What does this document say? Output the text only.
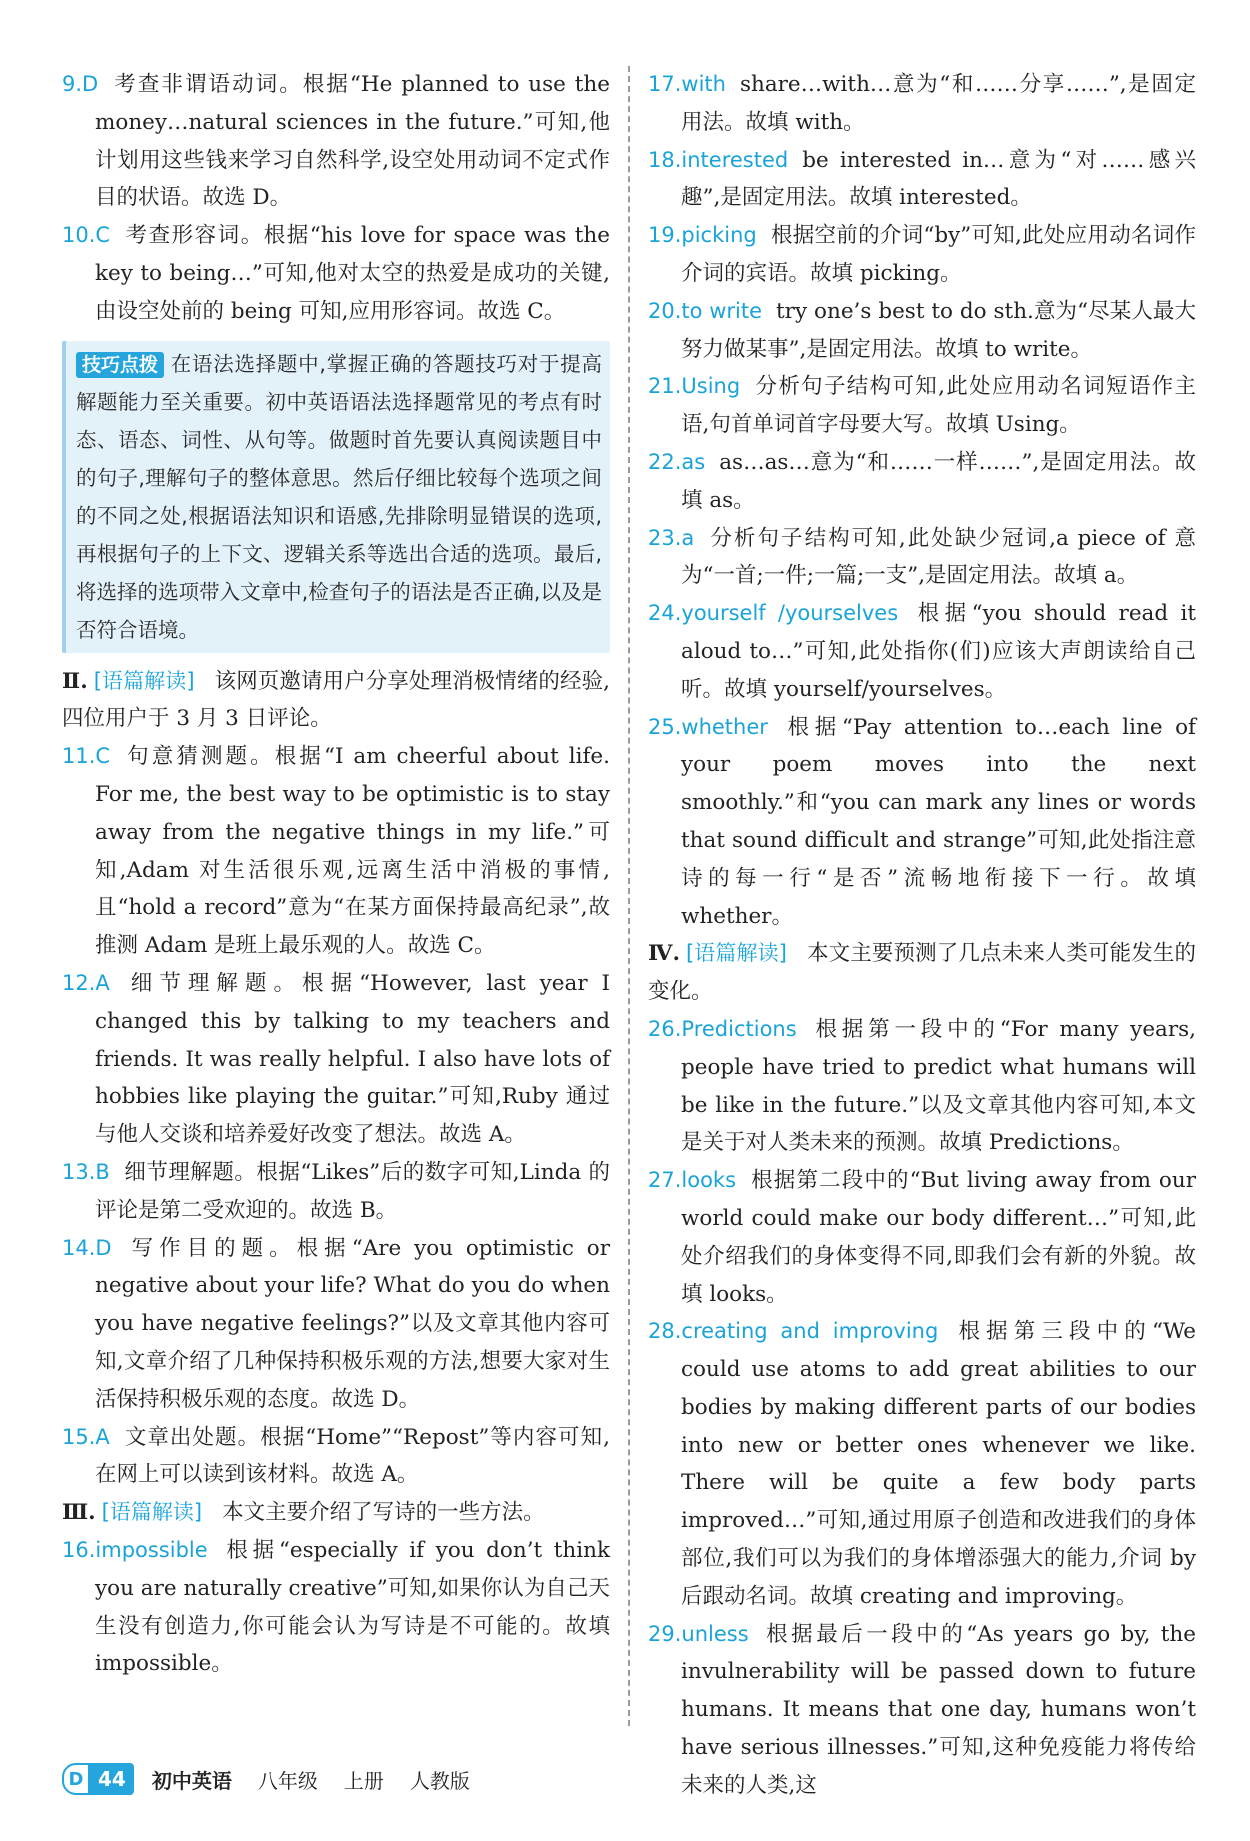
9.D 考查非谓语动词。根据“He planned to use the money…natural sciences in the future.”可知,他计划用这些钱来学习自然科学,设空处用动词不定式作目的状语。故选 D。

10.C 考查形容词。根据“his love for space was the key to being…”可知,他对太空的热爱是成功的关键,由设空处前的 being 可知,应用形容词。故选 C。

技巧点拨 在语法选择题中,掌握正确的答题技巧对于提高解题能力至关重要。初中英语语法选择题常见的考点有时态、语态、词性、从句等。做题时首先要认真阅读题目中的句子,理解句子的整体意思。然后仔细比较每个选项之间的不同之处,根据语法知识和语感,先排除明显错误的选项,再根据句子的上下文、逻辑关系等选出合适的选项。最后,将选择的选项带入文章中,检查句子的语法是否正确,以及是否符合语境。

Ⅱ. [语篇解读] 该网页邀请用户分享处理消极情绪的经验,四位用户于 3 月 3 日评论。

11.C 句意猜测题。根据“I am cheerful about life. For me, the best way to be optimistic is to stay away from the negative things in my life.”可知,Adam 对生活很乐观,远离生活中消极的事情,且“hold a record”意为“在某方面保持最高纪录”,故推测 Adam 是班上最乐观的人。故选 C。

12.A 细节理解题。根据“However, last year I changed this by talking to my teachers and friends. It was really helpful. I also have lots of hobbies like playing the guitar.”可知,Ruby 通过与他人交谈和培养爱好改变了想法。故选 A。

13.B 细节理解题。根据“Likes”后的数字可知,Linda 的评论是第二受欢迎的。故选 B。

14.D 写作目的题。根据“Are you optimistic or negative about your life? What do you do when you have negative feelings?”以及文章其他内容可知,文章介绍了几种保持积极乐观的方法,想要大家对生活保持积极乐观的态度。故选 D。

15.A 文章出处题。根据“Home”“Repost”等内容可知,在网上可以读到该材料。故选 A。

Ⅲ. [语篇解读] 本文主要介绍了写诗的一些方法。

16.impossible 根据“especially if you don’t think you are naturally creative”可知,如果你认为自己天生没有创造力,你可能会认为写诗是不可能的。故填 impossible。

17.with share…with…意为“和……分享……”,是固定用法。故填 with。

18.interested be interested in…意为“对……感兴趣”,是固定用法。故填 interested。

19.picking 根据空前的介词“by”可知,此处应用动名词作介词的宾语。故填 picking。

20.to write try one’s best to do sth.意为“尽某人最大努力做某事”,是固定用法。故填 to write。

21.Using 分析句子结构可知,此处应用动名词短语作主语,句首单词首字母要大写。故填 Using。

22.as as…as…意为“和……一样……”,是固定用法。故填 as。

23.a 分析句子结构可知,此处缺少冠词,a piece of 意为“一首;一件;一篇;一支”,是固定用法。故填 a。

24.yourself /yourselves 根据“you should read it aloud to…”可知,此处指你(们)应该大声朗读给自己听。故填 yourself/yourselves。

25.whether 根据“Pay attention to…each line of your poem moves into the next smoothly.”和“you can mark any lines or words that sound difficult and strange”可知,此处指注意诗的每一行“是否”流畅地衔接下一行。故填 whether。

Ⅳ. [语篇解读] 本文主要预测了几点未来人类可能发生的变化。

26.Predictions 根据第一段中的“For many years, people have tried to predict what humans will be like in the future.”以及文章其他内容可知,本文是关于对人类未来的预测。故填 Predictions。

27.looks 根据第二段中的“But living away from our world could make our body different…”可知,此处介绍我们的身体变得不同,即我们会有新的外貌。故填 looks。

28.creating and improving 根据第三段中的“We could use atoms to add great abilities to our bodies by making different parts of our bodies into new or better ones whenever we like. There will be quite a few body parts improved…”可知,通过用原子创造和改进我们的身体部位,我们可以为我们的身体增添强大的能力,介词 by 后跟动名词。故填 creating and improving。

29.unless 根据最后一段中的“As years go by, the invulnerability will be passed down to future humans. It means that one day, humans won’t have serious illnesses.”可知,这种免疫能力将传给未来的人类,这

D 44	初中英语 八年级 上册 人教版
